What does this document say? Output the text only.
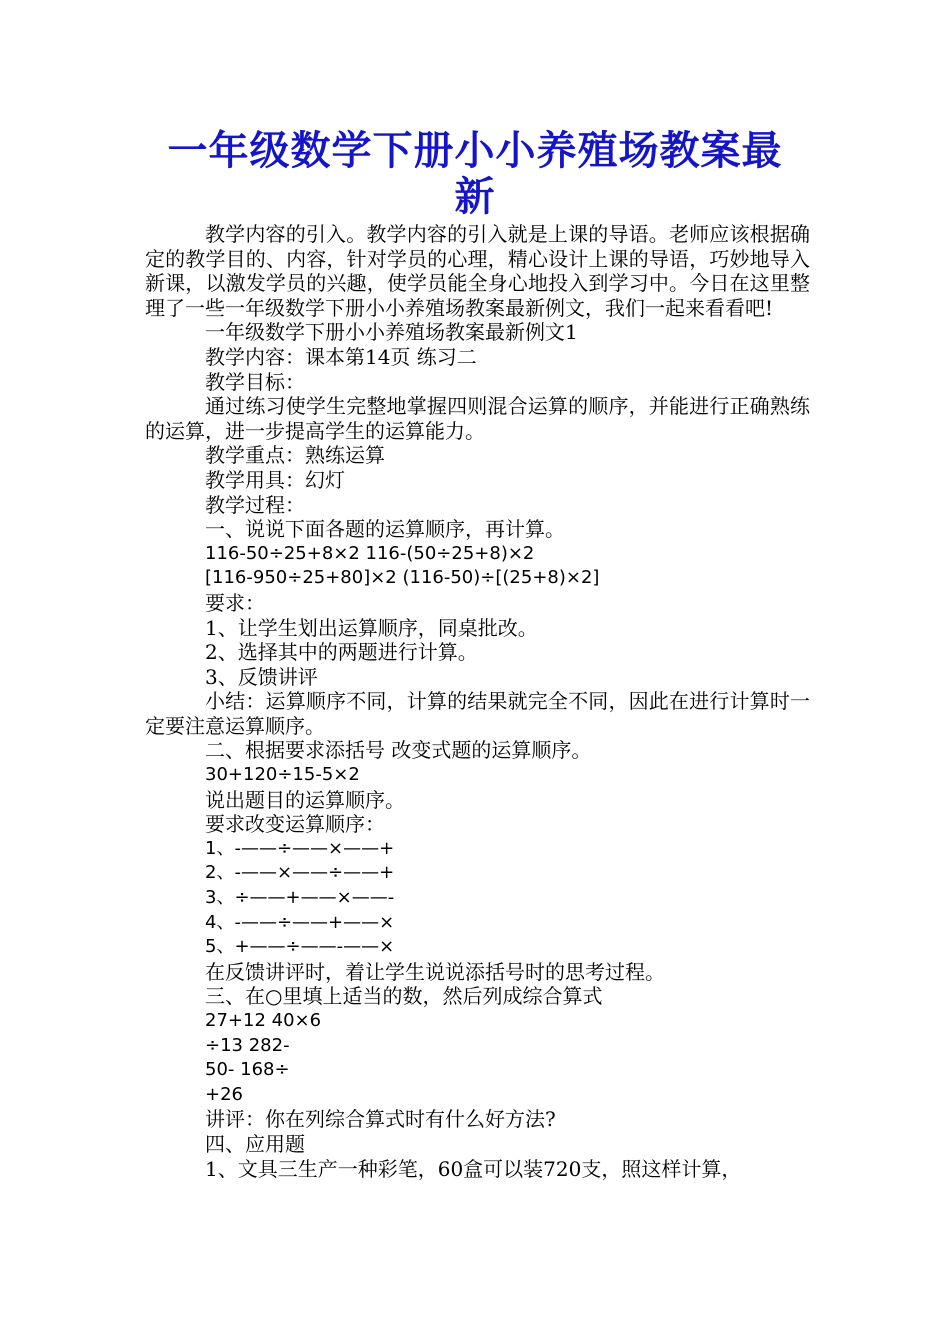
一年级数学下册小小养殖场教案最
新

教学内容的引入。教学内容的引入就是上课的导语。老师应该根据确定的教学目的、内容，针对学员的心理，精心设计上课的导语，巧妙地导入新课，以激发学员的兴趣，使学员能全身心地投入到学习中。今日在这里整理了一些一年级数学下册小小养殖场教案最新例文，我们一起来看看吧!

一年级数学下册小小养殖场教案最新例文1

教学内容：课本第14页 练习二

教学目标：

通过练习使学生完整地掌握四则混合运算的顺序，并能进行正确熟练的运算，进一步提高学生的运算能力。

教学重点：熟练运算

教学用具：幻灯

教学过程：

一、说说下面各题的运算顺序，再计算。

116-50÷25+8×2 116-(50÷25+8)×2

[116-950÷25+80]×2 (116-50)÷[(25+8)×2]

要求：

1、让学生划出运算顺序，同桌批改。

2、选择其中的两题进行计算。

3、反馈讲评

小结：运算顺序不同，计算的结果就完全不同，因此在进行计算时一定要注意运算顺序。

二、根据要求添括号 改变式题的运算顺序。

30+120÷15-5×2

说出题目的运算顺序。

要求改变运算顺序：

1、-——÷——×——+

2、-——×——÷——+

3、÷——+——×——-

4、-——÷——+——×

5、+——÷——-——×

在反馈讲评时，着让学生说说添括号时的思考过程。

三、在○里填上适当的数，然后列成综合算式

27+12 40×6

÷13 282-

50- 168÷

+26

讲评：你在列综合算式时有什么好方法?

四、应用题

1、文具三生产一种彩笔，60盒可以装720支，照这样计算，
